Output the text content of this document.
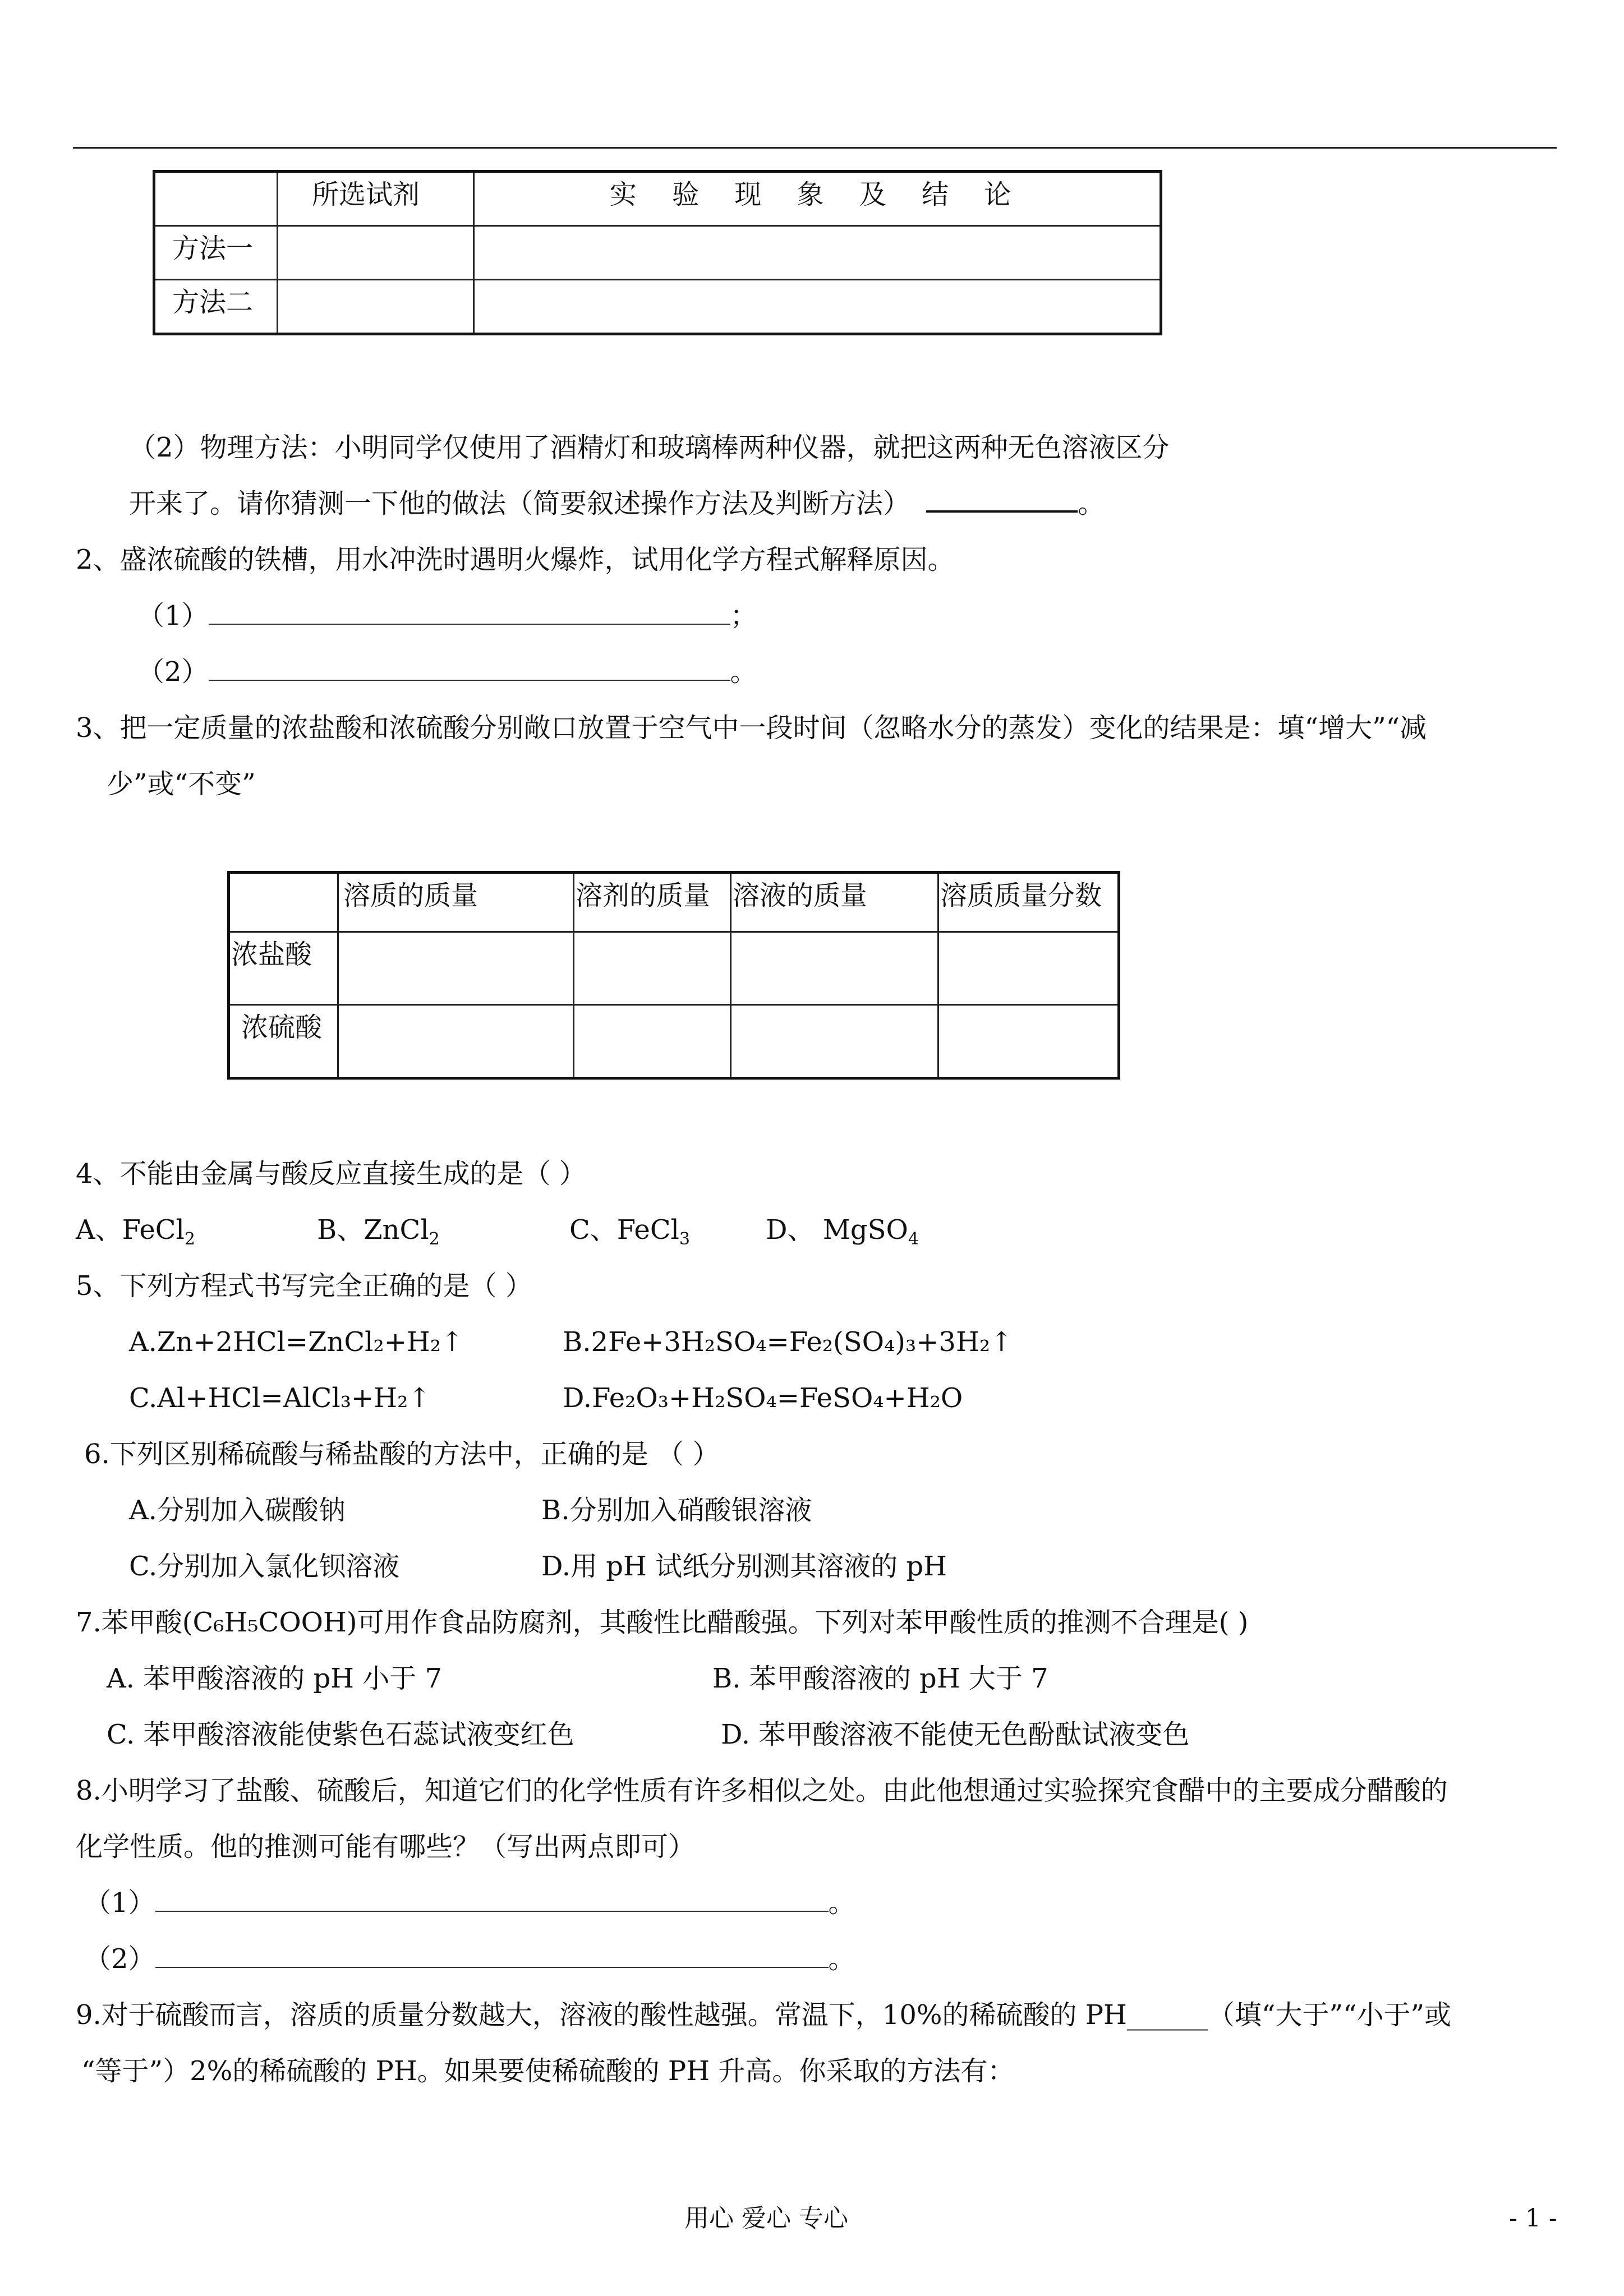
	所选试剂	实 验 现 象 及 结 论
方法一		
方法二		
（2）物理方法：小明同学仅使用了酒精灯和玻璃棒两种仪器，就把这两种无色溶液区分
开来了。请你猜测一下他的做法（简要叙述操作方法及判断方法）	。
2、盛浓硫酸的铁槽，用水冲洗时遇明火爆炸，试用化学方程式解释原因。
（1）	；
（2）	。
3、把一定质量的浓盐酸和浓硫酸分别敞口放置于空气中一段时间（忽略水分的蒸发）变化的结果是：填“增大”“减
少”或“不变”
	溶质的质量	溶剂的质量	溶液的质量	溶质质量分数
浓盐酸				
浓硫酸				
4、不能由金属与酸反应直接生成的是（ ）
A、FeCl$_2$	B、ZnCl$_2$	C、FeCl$_3$	D、 MgSO$_4$
5、下列方程式书写完全正确的是（ ）
A.Zn+2HCl=ZnCl₂+H₂↑	B.2Fe+3H₂SO₄=Fe₂(SO₄)₃+3H₂↑
C.Al+HCl=AlCl₃+H₂↑	D.Fe₂O₃+H₂SO₄=FeSO₄+H₂O
6.下列区别稀硫酸与稀盐酸的方法中，正确的是 （ ）
A.分别加入碳酸钠	B.分别加入硝酸银溶液
C.分别加入氯化钡溶液	D.用 pH 试纸分别测其溶液的 pH
7.苯甲酸(C₆H₅COOH)可用作食品防腐剂，其酸性比醋酸强。下列对苯甲酸性质的推测不合理是( )
A. 苯甲酸溶液的 pH 小于 7	B. 苯甲酸溶液的 pH 大于 7
C. 苯甲酸溶液能使紫色石蕊试液变红色	D. 苯甲酸溶液不能使无色酚酞试液变色
8.小明学习了盐酸、硫酸后，知道它们的化学性质有许多相似之处。由此他想通过实验探究食醋中的主要成分醋酸的
化学性质。他的推测可能有哪些？（写出两点即可）
（1）	。
（2）	。
9.对于硫酸而言，溶质的质量分数越大，溶液的酸性越强。常温下，10%的稀硫酸的 PH______（填“大于”“小于”或
“等于”）2%的稀硫酸的 PH。如果要使稀硫酸的 PH 升高。你采取的方法有：
用心 爱心 专心	- 1 -
